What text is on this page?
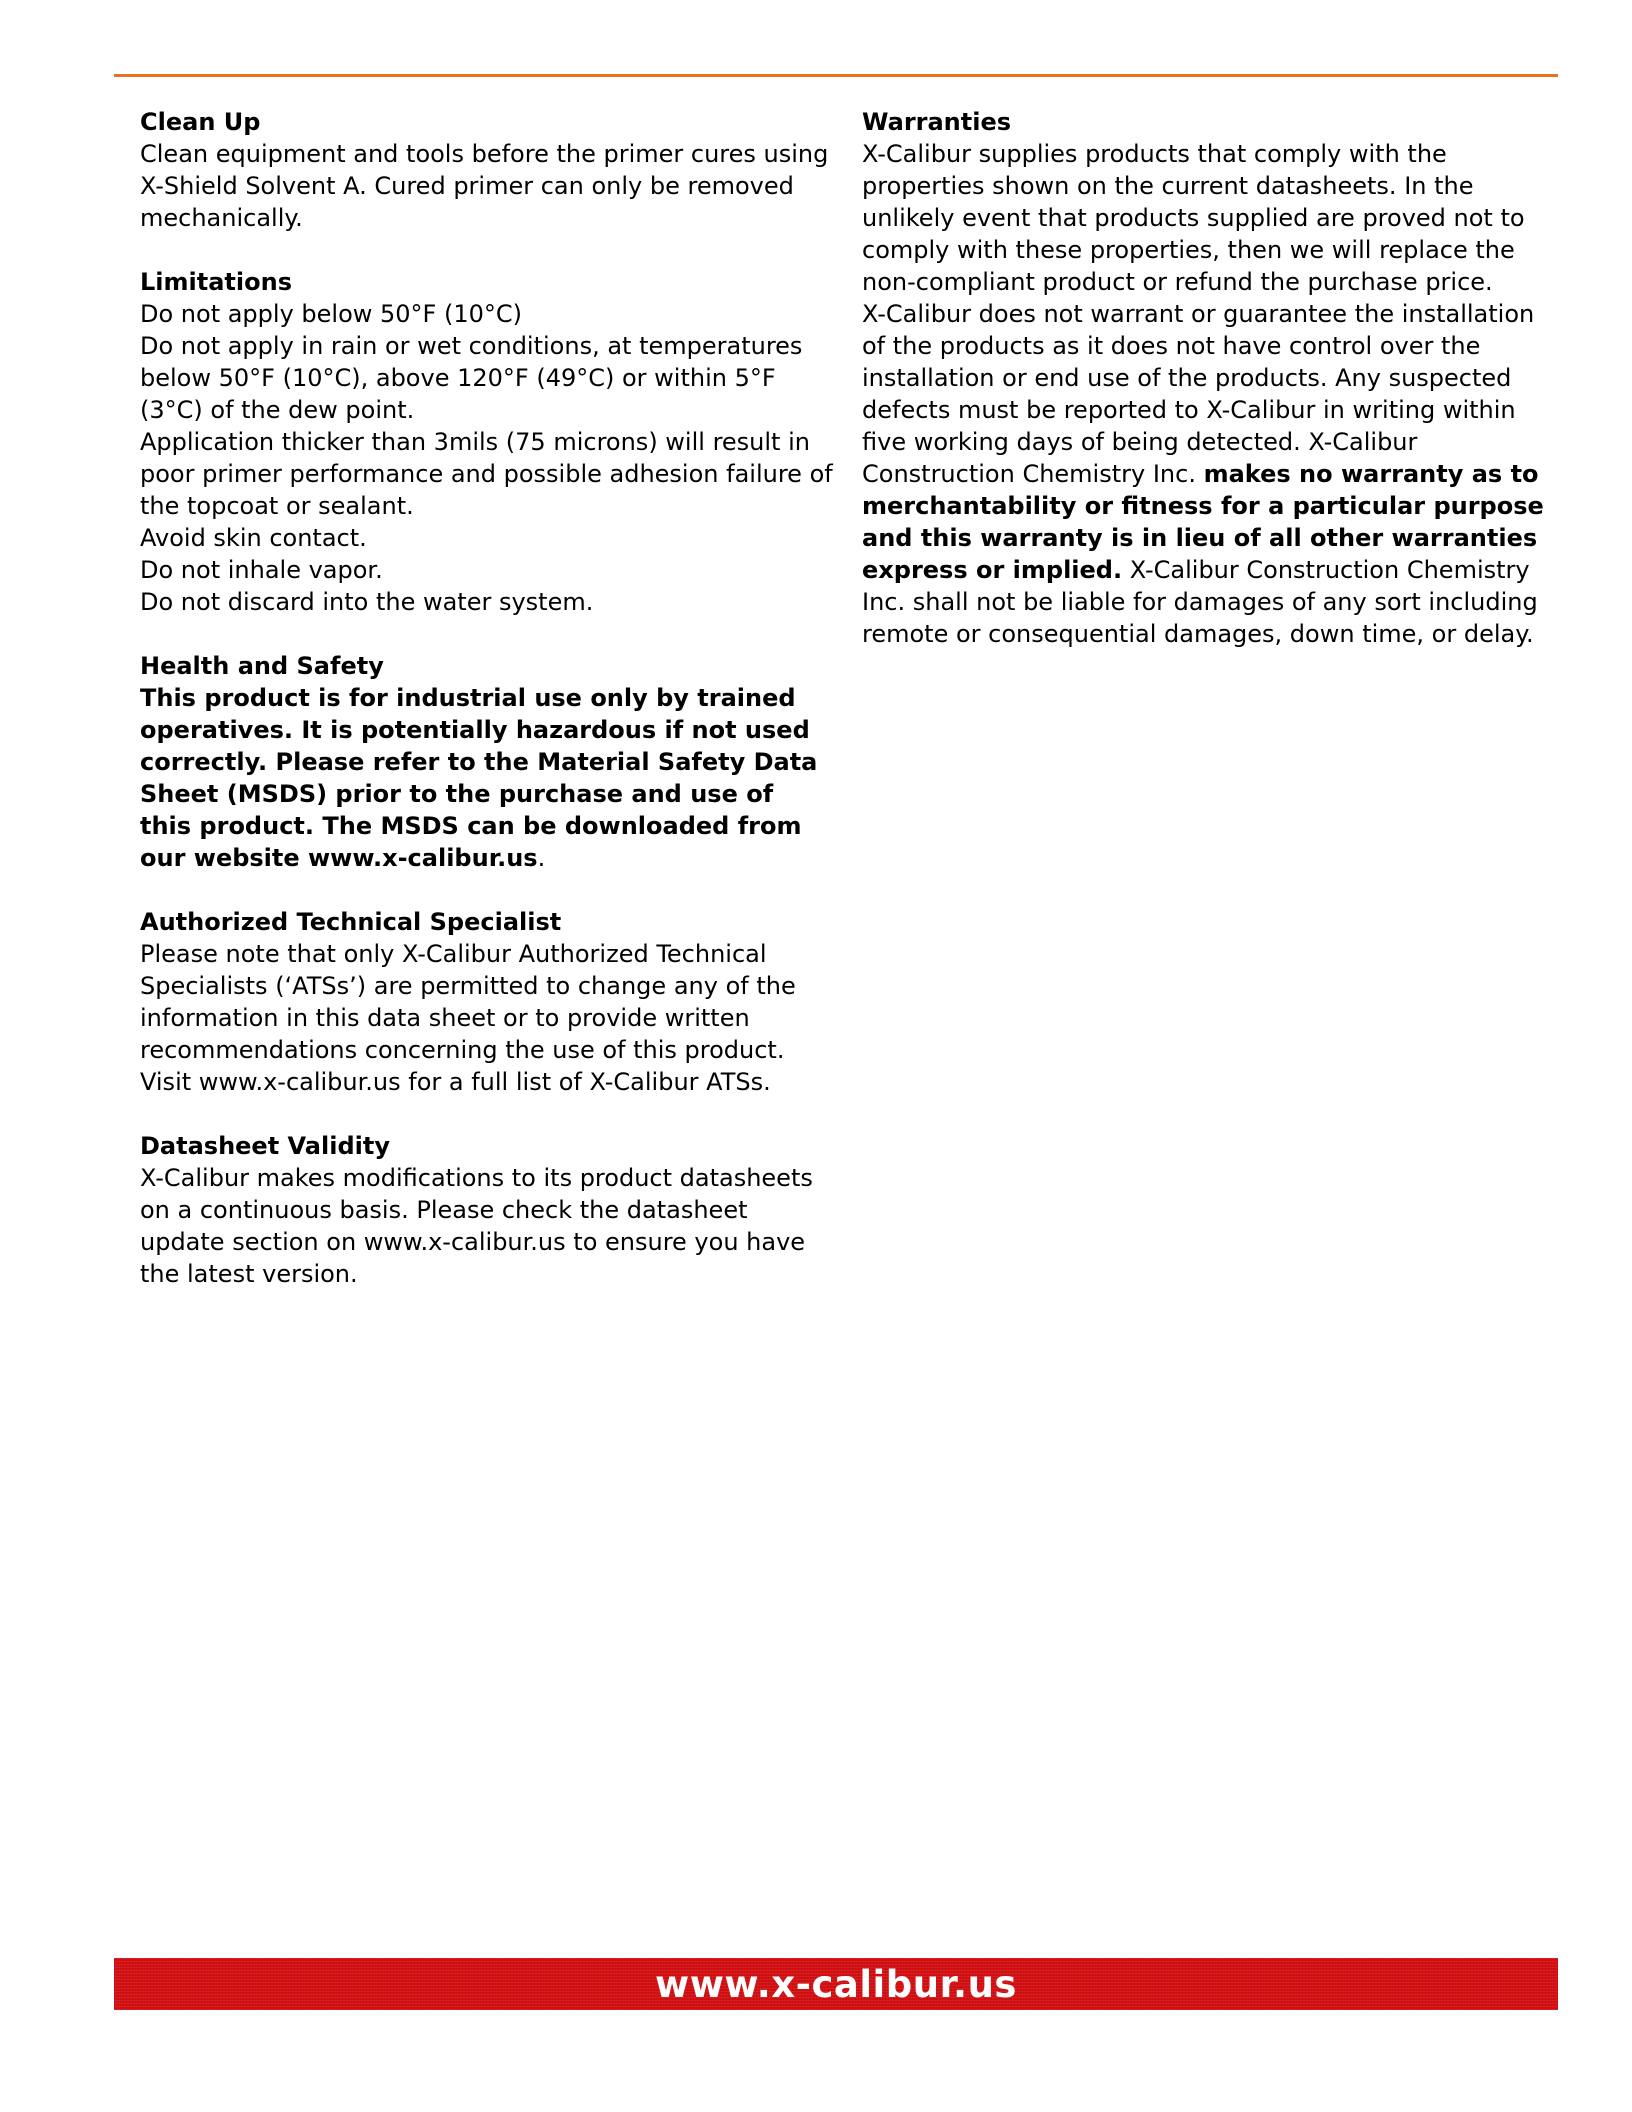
Clean Up
Clean equipment and tools before the primer cures using
X-Shield Solvent A. Cured primer can only be removed
mechanically.
Limitations
Do not apply below 50°F (10°C)
Do not apply in rain or wet conditions, at temperatures
below 50°F (10°C), above 120°F (49°C) or within 5°F
(3°C) of the dew point.
Application thicker than 3mils (75 microns) will result in
poor primer performance and possible adhesion failure of
the topcoat or sealant.
Avoid skin contact.
Do not inhale vapor.
Do not discard into the water system.
Health and Safety
This product is for industrial use only by trained
operatives. It is potentially hazardous if not used
correctly. Please refer to the Material Safety Data
Sheet (MSDS) prior to the purchase and use of
this product. The MSDS can be downloaded from
our website www.x-calibur.us.
Authorized Technical Specialist
Please note that only X-Calibur Authorized Technical
Specialists (‘ATSs’) are permitted to change any of the
information in this data sheet or to provide written
recommendations concerning the use of this product.
Visit www.x-calibur.us for a full list of X-Calibur ATSs.
Datasheet Validity
X-Calibur makes modifications to its product datasheets
on a continuous basis. Please check the datasheet
update section on www.x-calibur.us to ensure you have
the latest version.
Warranties
X-Calibur supplies products that comply with the
properties shown on the current datasheets. In the
unlikely event that products supplied are proved not to
comply with these properties, then we will replace the
non-compliant product or refund the purchase price.
X-Calibur does not warrant or guarantee the installation
of the products as it does not have control over the
installation or end use of the products. Any suspected
defects must be reported to X-Calibur in writing within
five working days of being detected. X-Calibur
Construction Chemistry Inc. makes no warranty as to
merchantability or fitness for a particular purpose
and this warranty is in lieu of all other warranties
express or implied. X-Calibur Construction Chemistry
Inc. shall not be liable for damages of any sort including
remote or consequential damages, down time, or delay.
www.x-calibur.us
